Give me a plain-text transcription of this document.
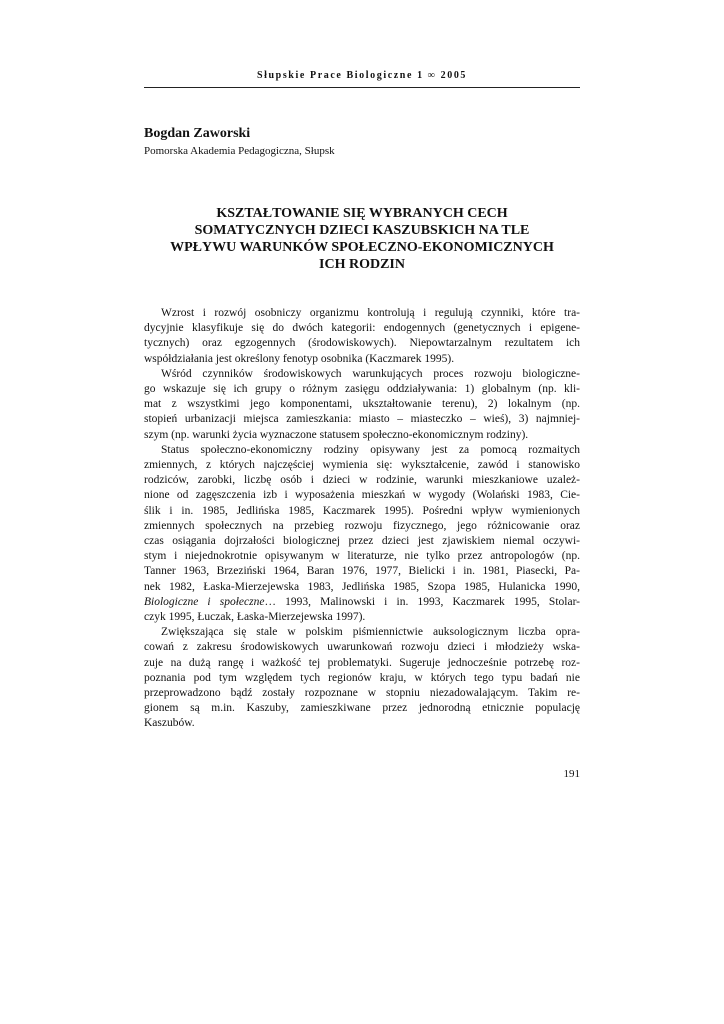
Słupskie Prace Biologiczne 1 ∞ 2005
Bogdan Zaworski
Pomorska Akademia Pedagogiczna, Słupsk
KSZTAŁTOWANIE SIĘ WYBRANYCH CECH
SOMATYCZNYCH DZIECI KASZUBSKICH NA TLE
WPŁYWU WARUNKÓW SPOŁECZNO-EKONOMICZNYCH
ICH RODZIN
Wzrost i rozwój osobniczy organizmu kontrolują i regulują czynniki, które tra-
dycyjnie klasyfikuje się do dwóch kategorii: endogennych (genetycznych i epigene-
tycznych) oraz egzogennych (środowiskowych). Niepowtarzalnym rezultatem ich
współdziałania jest określony fenotyp osobnika (Kaczmarek 1995).
Wśród czynników środowiskowych warunkujących proces rozwoju biologiczne-
go wskazuje się ich grupy o różnym zasięgu oddziaływania: 1) globalnym (np. kli-
mat z wszystkimi jego komponentami, ukształtowanie terenu), 2) lokalnym (np.
stopień urbanizacji miejsca zamieszkania: miasto – miasteczko – wieś), 3) najmniej-
szym (np. warunki życia wyznaczone statusem społeczno-ekonomicznym rodziny).
Status społeczno-ekonomiczny rodziny opisywany jest za pomocą rozmaitych
zmiennych, z których najczęściej wymienia się: wykształcenie, zawód i stanowisko
rodziców, zarobki, liczbę osób i dzieci w rodzinie, warunki mieszkaniowe uzależ-
nione od zagęszczenia izb i wyposażenia mieszkań w wygody (Wolański 1983, Cie-
ślik i in. 1985, Jedlińska 1985, Kaczmarek 1995). Pośredni wpływ wymienionych
zmiennych społecznych na przebieg rozwoju fizycznego, jego różnicowanie oraz
czas osiągania dojrzałości biologicznej przez dzieci jest zjawiskiem niemal oczywi-
stym i niejednokrotnie opisywanym w literaturze, nie tylko przez antropologów (np.
Tanner 1963, Brzeziński 1964, Baran 1976, 1977, Bielicki i in. 1981, Piasecki, Pa-
nek 1982, Łaska-Mierzejewska 1983, Jedlińska 1985, Szopa 1985, Hulanicka 1990,
Biologiczne i społeczne… 1993, Malinowski i in. 1993, Kaczmarek 1995, Stolar-
czyk 1995, Łuczak, Łaska-Mierzejewska 1997).
Zwiększająca się stale w polskim piśmiennictwie auksologicznym liczba opra-
cowań z zakresu środowiskowych uwarunkowań rozwoju dzieci i młodzieży wska-
zuje na dużą rangę i ważkość tej problematyki. Sugeruje jednocześnie potrzebę roz-
poznania pod tym względem tych regionów kraju, w których tego typu badań nie
przeprowadzono bądź zostały rozpoznane w stopniu niezadowalającym. Takim re-
gionem są m.in. Kaszuby, zamieszkiwane przez jednorodną etnicznie populację
Kaszubów.
191
